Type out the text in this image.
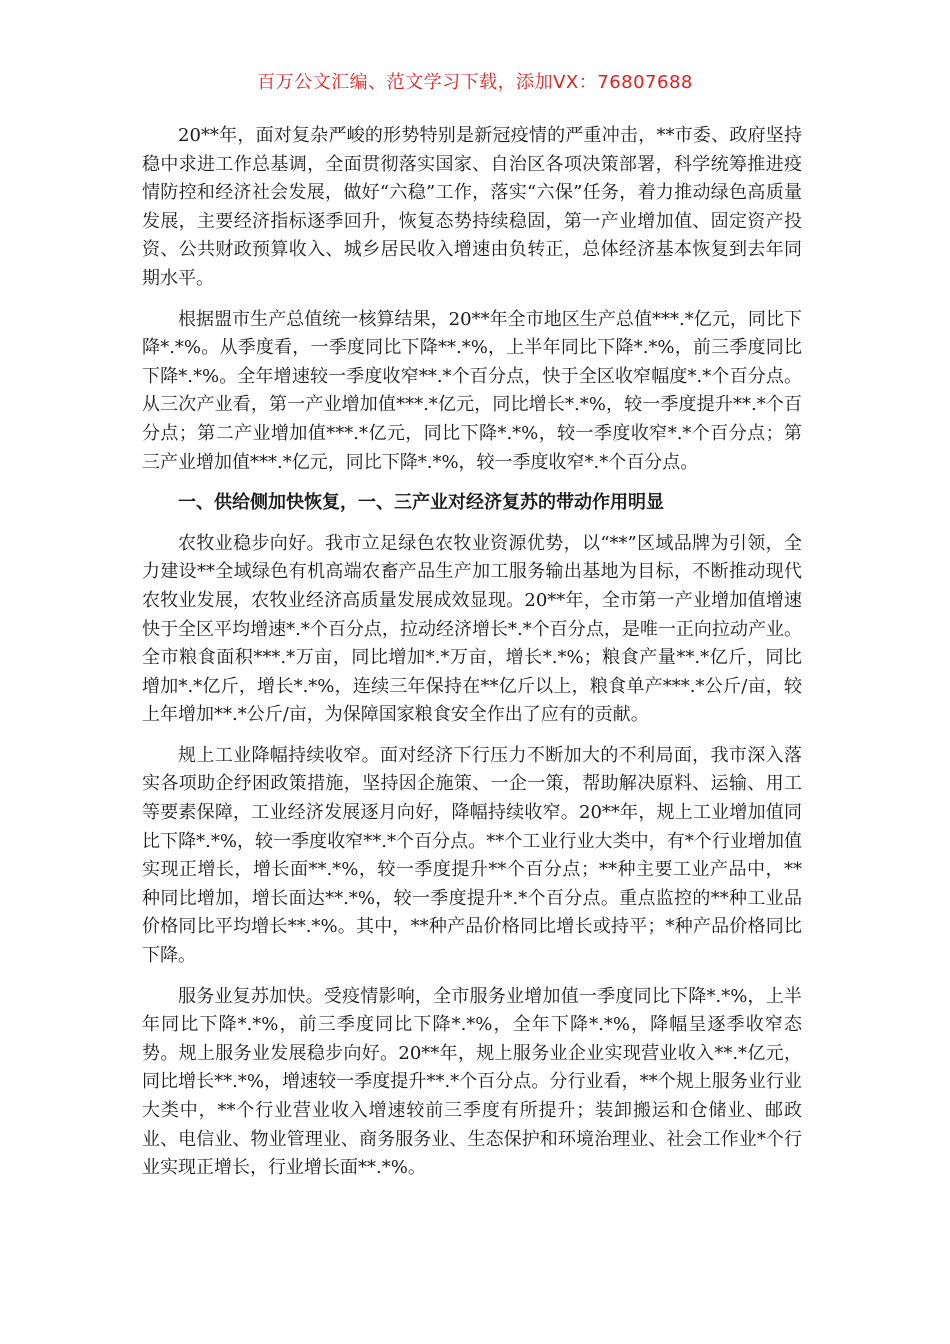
百万公文汇编、范文学习下载，添加VX：76807688

20**年，面对复杂严峻的形势特别是新冠疫情的严重冲击，**市委、政府坚持稳中求进工作总基调，全面贯彻落实国家、自治区各项决策部署，科学统筹推进疫情防控和经济社会发展，做好“六稳”工作，落实“六保”任务，着力推动绿色高质量发展，主要经济指标逐季回升，恢复态势持续稳固，第一产业增加值、固定资产投资、公共财政预算收入、城乡居民收入增速由负转正，总体经济基本恢复到去年同期水平。

根据盟市生产总值统一核算结果，20**年全市地区生产总值***.*亿元，同比下降*.*%。从季度看，一季度同比下降**.*%，上半年同比下降*.*%，前三季度同比下降*.*%。全年增速较一季度收窄**.*个百分点，快于全区收窄幅度*.*个百分点。从三次产业看，第一产业增加值***.*亿元，同比增长*.*%，较一季度提升**.*个百分点；第二产业增加值***.*亿元，同比下降*.*%，较一季度收窄*.*个百分点；第三产业增加值***.*亿元，同比下降*.*%，较一季度收窄*.*个百分点。

一、供给侧加快恢复，一、三产业对经济复苏的带动作用明显

农牧业稳步向好。我市立足绿色农牧业资源优势，以“**”区域品牌为引领，全力建设**全域绿色有机高端农畜产品生产加工服务输出基地为目标，不断推动现代农牧业发展，农牧业经济高质量发展成效显现。20**年，全市第一产业增加值增速快于全区平均增速*.*个百分点，拉动经济增长*.*个百分点，是唯一正向拉动产业。全市粮食面积***.*万亩，同比增加*.*万亩，增长*.*%；粮食产量**.*亿斤，同比增加*.*亿斤，增长*.*%，连续三年保持在**亿斤以上，粮食单产***.*公斤/亩，较上年增加**.*公斤/亩，为保障国家粮食安全作出了应有的贡献。

规上工业降幅持续收窄。面对经济下行压力不断加大的不利局面，我市深入落实各项助企纾困政策措施，坚持因企施策、一企一策，帮助解决原料、运输、用工等要素保障，工业经济发展逐月向好，降幅持续收窄。20**年，规上工业增加值同比下降*.*%，较一季度收窄**.*个百分点。**个工业行业大类中，有*个行业增加值实现正增长，增长面**.*%，较一季度提升**个百分点；**种主要工业产品中，**种同比增加，增长面达**.*%，较一季度提升*.*个百分点。重点监控的**种工业品价格同比平均增长**.*%。其中，**种产品价格同比增长或持平；*种产品价格同比下降。

服务业复苏加快。受疫情影响，全市服务业增加值一季度同比下降*.*%，上半年同比下降*.*%，前三季度同比下降*.*%，全年下降*.*%，降幅呈逐季收窄态势。规上服务业发展稳步向好。20**年，规上服务业企业实现营业收入**.*亿元，同比增长**.*%，增速较一季度提升**.*个百分点。分行业看，**个规上服务业行业大类中，**个行业营业收入增速较前三季度有所提升；装卸搬运和仓储业、邮政业、电信业、物业管理业、商务服务业、生态保护和环境治理业、社会工作业*个行业实现正增长，行业增长面**.*%。
